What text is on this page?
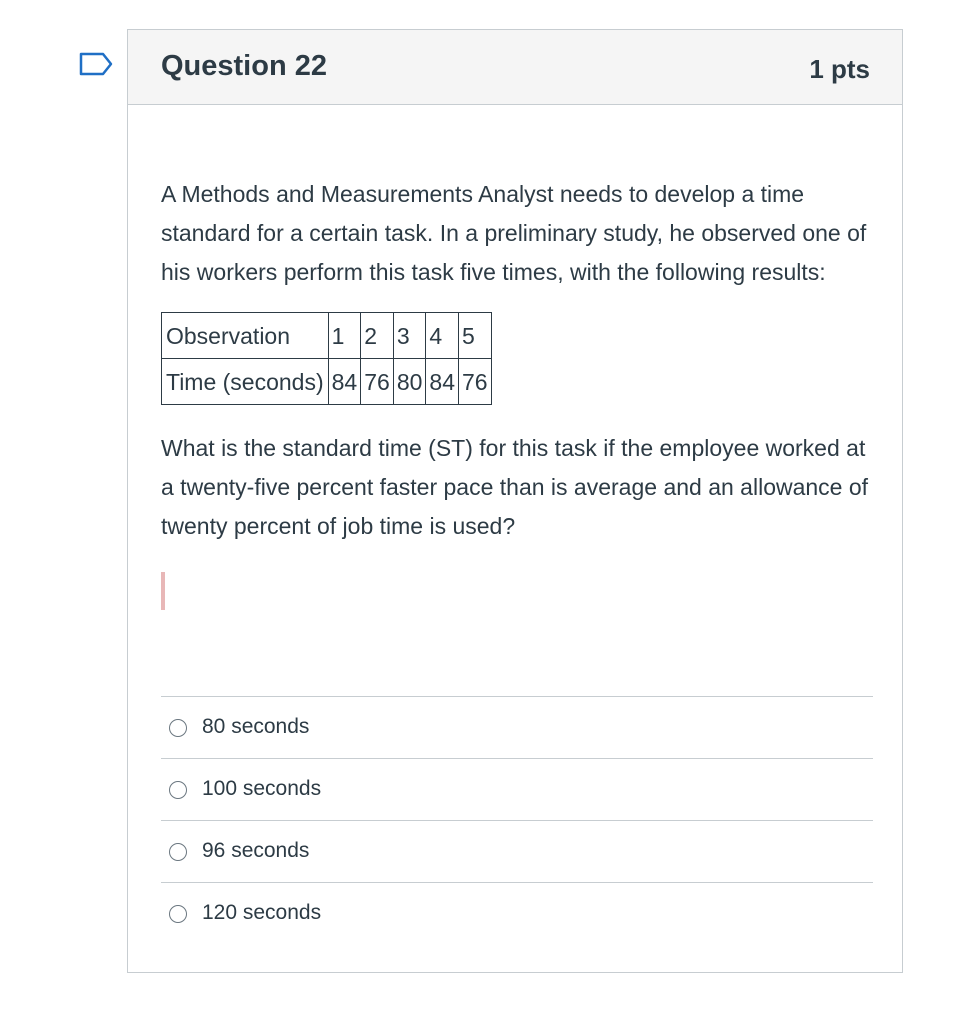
Question 22	1 pts

A Methods and Measurements Analyst needs to develop a time standard for a certain task. In a preliminary study, he observed one of his workers perform this task five times, with the following results:

Observation	1	2	3	4	5
Time (seconds)	84	76	80	84	76

What is the standard time (ST) for this task if the employee worked at a twenty-five percent faster pace than is average and an allowance of twenty percent of job time is used?

80 seconds
100 seconds
96 seconds
120 seconds
